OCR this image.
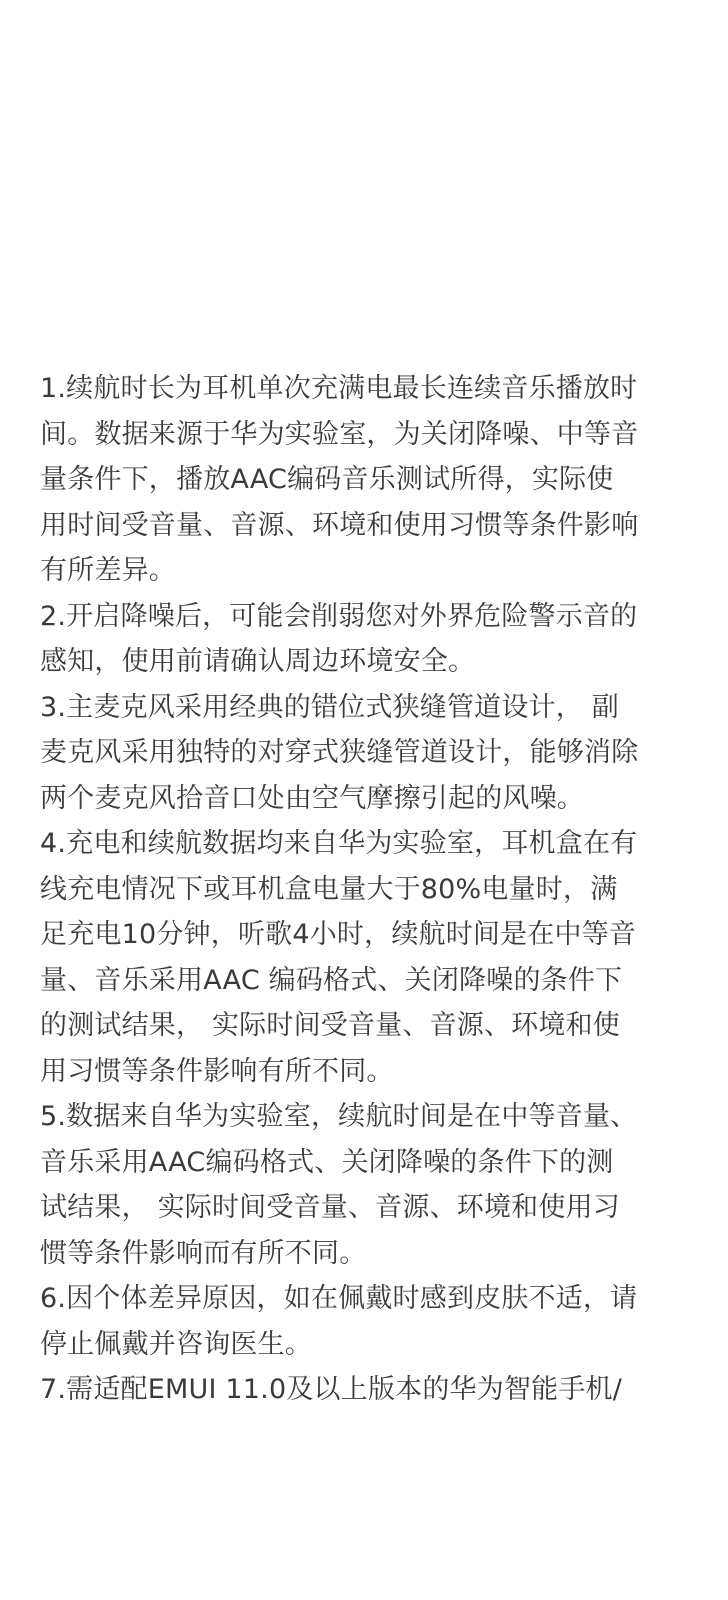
1.续航时长为耳机单次充满电最长连续音乐播放时
间。数据来源于华为实验室，为关闭降噪、中等音
量条件下，播放AAC编码音乐测试所得，实际使
用时间受音量、音源、环境和使用习惯等条件影响
有所差异。
2.开启降噪后，可能会削弱您对外界危险警示音的
感知，使用前请确认周边环境安全。
3.主麦克风采用经典的错位式狭缝管道设计， 副
麦克风采用独特的对穿式狭缝管道设计，能够消除
两个麦克风拾音口处由空气摩擦引起的风噪。
4.充电和续航数据均来自华为实验室，耳机盒在有
线充电情况下或耳机盒电量大于80%电量时，满
足充电10分钟，听歌4小时，续航时间是在中等音
量、音乐采用AAC 编码格式、关闭降噪的条件下
的测试结果， 实际时间受音量、音源、环境和使
用习惯等条件影响有所不同。
5.数据来自华为实验室，续航时间是在中等音量、
音乐采用AAC编码格式、关闭降噪的条件下的测
试结果， 实际时间受音量、音源、环境和使用习
惯等条件影响而有所不同。
6.因个体差异原因，如在佩戴时感到皮肤不适，请
停止佩戴并咨询医生。
7.需适配EMUI 11.0及以上版本的华为智能手机/
